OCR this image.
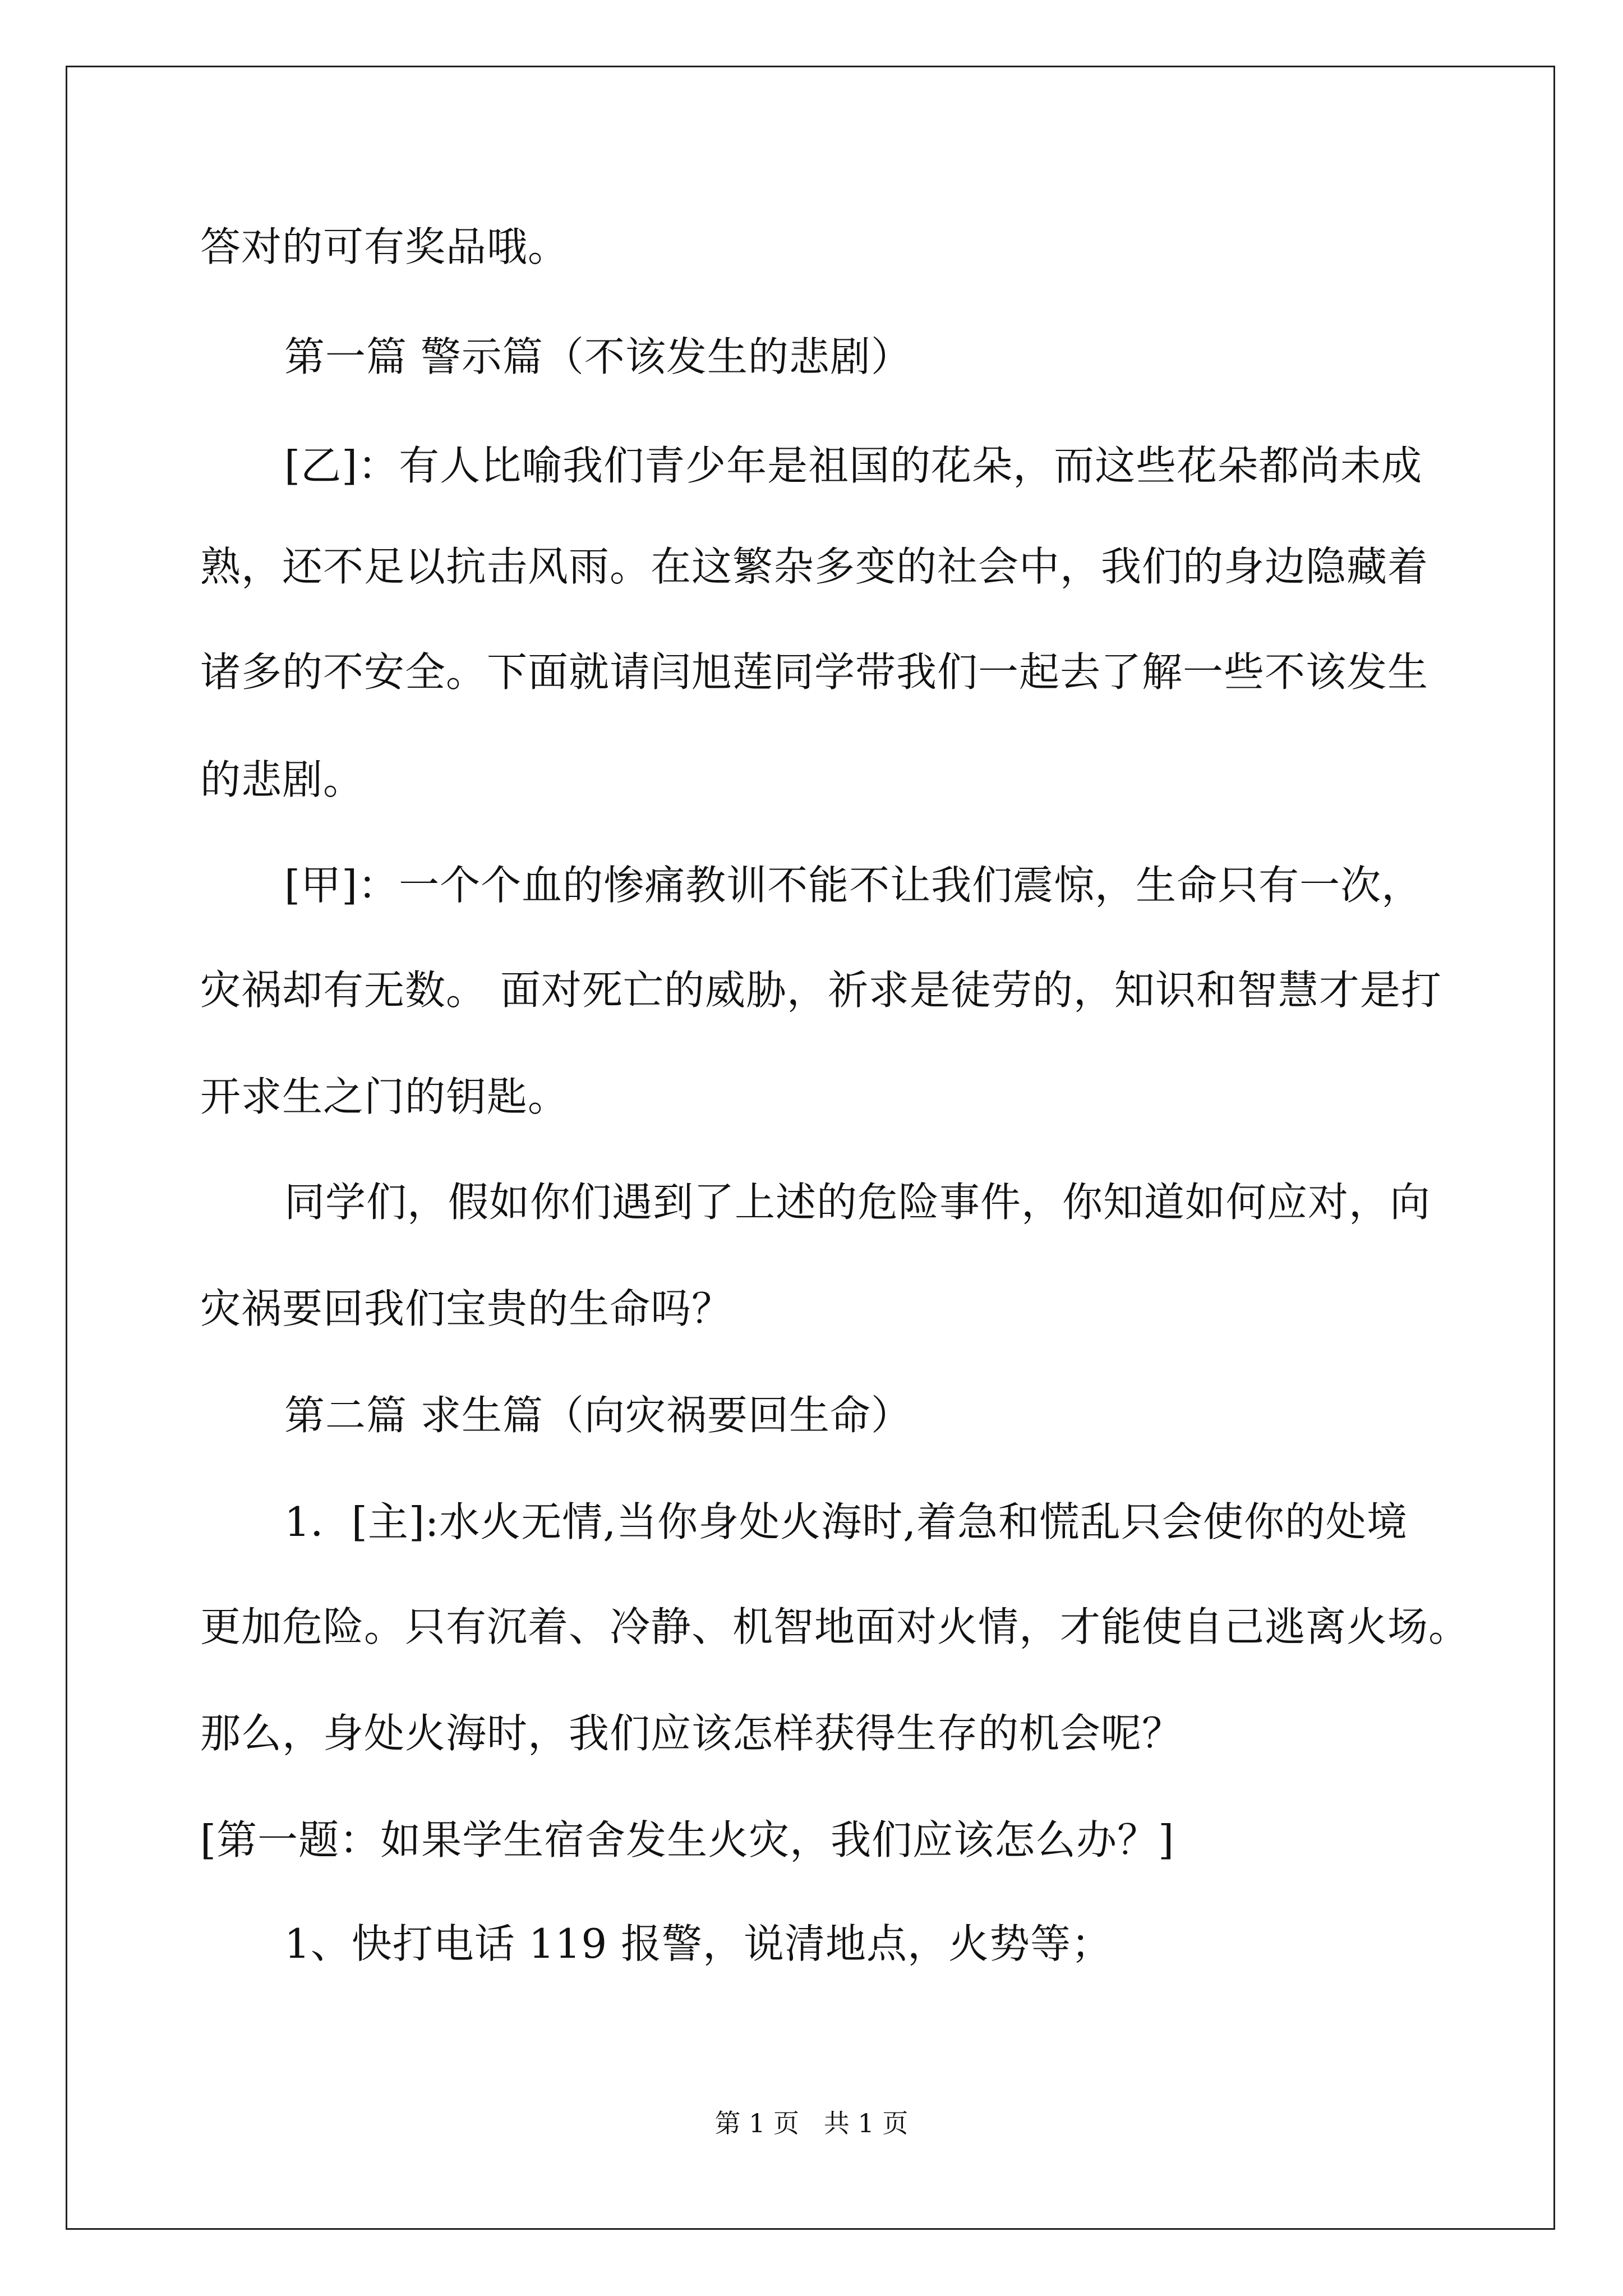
答对的可有奖品哦。
第一篇 警示篇（不该发生的悲剧）
[乙]：有人比喻我们青少年是祖国的花朵，而这些花朵都尚未成
熟，还不足以抗击风雨。在这繁杂多变的社会中，我们的身边隐藏着
诸多的不安全。下面就请闫旭莲同学带我们一起去了解一些不该发生
的悲剧。
[甲]：一个个血的惨痛教训不能不让我们震惊，生命只有一次，
灾祸却有无数。 面对死亡的威胁，祈求是徒劳的，知识和智慧才是打
开求生之门的钥匙。
同学们，假如你们遇到了上述的危险事件，你知道如何应对，向
灾祸要回我们宝贵的生命吗？
第二篇 求生篇（向灾祸要回生命）
1．[主]:水火无情,当你身处火海时,着急和慌乱只会使你的处境
更加危险。只有沉着、冷静、机智地面对火情，才能使自己逃离火场。
那么，身处火海时，我们应该怎样获得生存的机会呢？
[第一题：如果学生宿舍发生火灾，我们应该怎么办？]
1、快打电话 119 报警，说清地点，火势等；
第 1 页   共 1 页
